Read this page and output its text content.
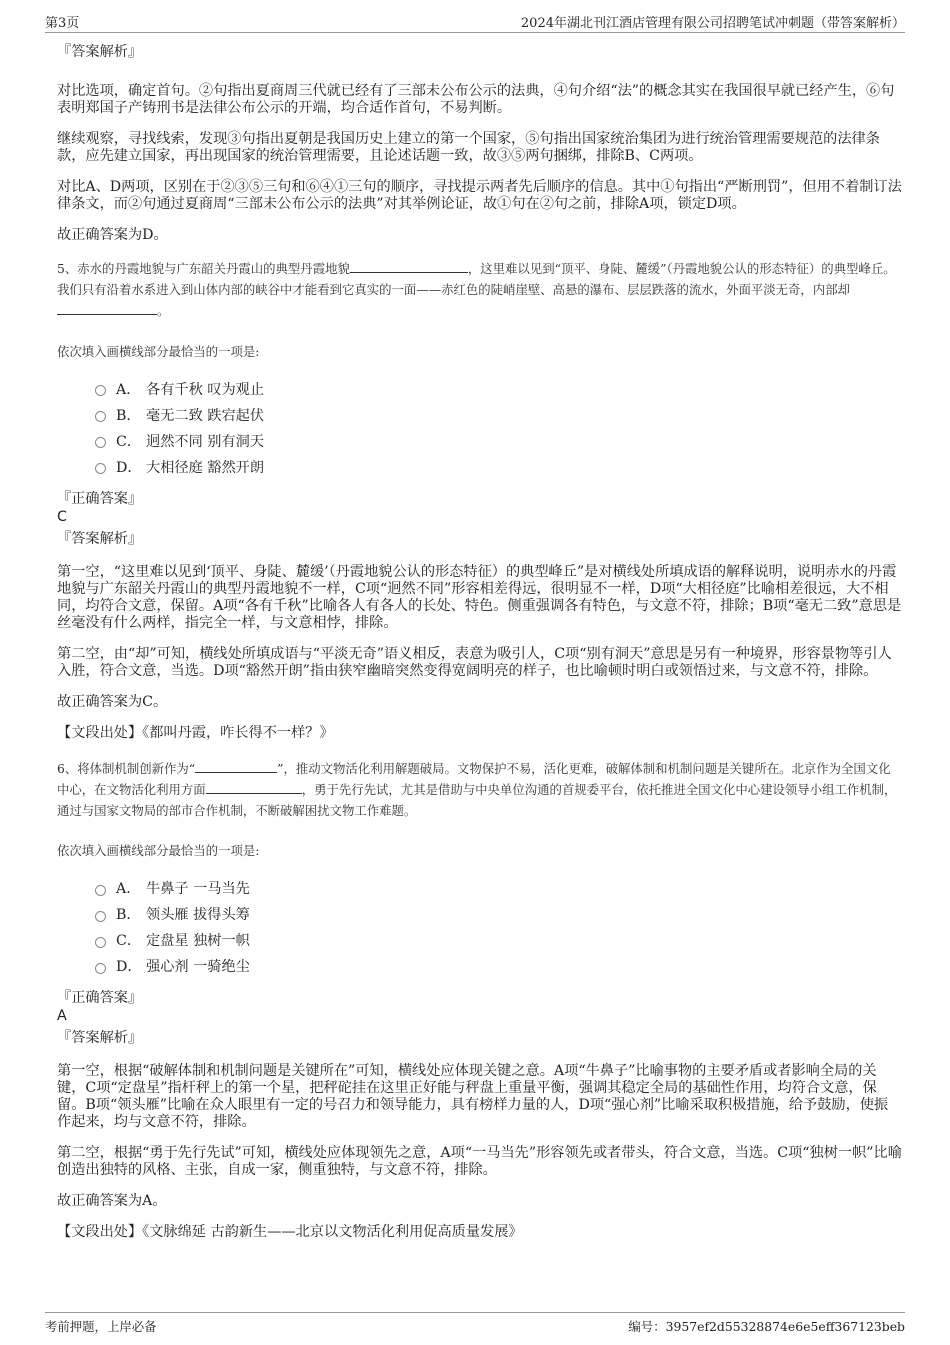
第3页	2024年湖北刊江酒店管理有限公司招聘笔试冲刺题（带答案解析）
『答案解析』

对比选项，确定首句。②句指出夏商周三代就已经有了三部未公布公示的法典，④句介绍“法”的概念其实在我国很早就已经产生，⑥句表明郑国子产铸刑书是法律公布公示的开端，均合适作首句，不易判断。

继续观察，寻找线索，发现③句指出夏朝是我国历史上建立的第一个国家，⑤句指出国家统治集团为进行统治管理需要规范的法律条款，应先建立国家，再出现国家的统治管理需要，且论述话题一致，故③⑤两句捆绑，排除B、C两项。

对比A、D两项，区别在于②③⑤三句和⑥④①三句的顺序，寻找提示两者先后顺序的信息。其中①句指出“严断刑罚”，但用不着制订法律条文，而②句通过夏商周“三部未公布公示的法典”对其举例论证，故①句在②句之前，排除A项，锁定D项。

故正确答案为D。

5、赤水的丹霞地貌与广东韶关丹霞山的典型丹霞地貌	，这里难以见到“顶平、身陡、麓缓”（丹霞地貌公认的形态特征）的典型峰丘。我们只有沿着水系进入到山体内部的峡谷中才能看到它真实的一面——赤红色的陡峭崖壁、高悬的瀑布、层层跌落的流水，外面平淡无奇，内部却。
依次填入画横线部分最恰当的一项是:
A． 各有千秋 叹为观止
B． 毫无二致 跌宕起伏
C． 迥然不同 别有洞天
D． 大相径庭 豁然开朗
『正确答案』
C
『答案解析』

第一空，“这里难以见到‘顶平、身陡、麓缓’（丹霞地貌公认的形态特征）的典型峰丘”是对横线处所填成语的解释说明，说明赤水的丹霞地貌与广东韶关丹霞山的典型丹霞地貌不一样，C项“迥然不同”形容相差得远，很明显不一样，D项“大相径庭”比喻相差很远，大不相同，均符合文意，保留。A项“各有千秋”比喻各人有各人的长处、特色。侧重强调各有特色，与文意不符，排除；B项“毫无二致”意思是丝毫没有什么两样，指完全一样，与文意相悖，排除。

第二空，由“却”可知，横线处所填成语与“平淡无奇”语义相反，表意为吸引人，C项“别有洞天”意思是另有一种境界，形容景物等引人入胜，符合文意，当选。D项“豁然开朗”指由狭窄幽暗突然变得宽阔明亮的样子，也比喻顿时明白或领悟过来，与文意不符，排除。

故正确答案为C。

【文段出处】《都叫丹霞，咋长得不一样？》
6、将体制机制创新作为“	”，推动文物活化利用解题破局。文物保护不易，活化更难，破解体制和机制问题是关键所在。北京作为全国文化中心，在文物活化利用方面	，勇于先行先试，尤其是借助与中央单位沟通的首规委平台，依托推进全国文化中心建设领导小组工作机制，通过与国家文物局的部市合作机制，不断破解困扰文物工作难题。
依次填入画横线部分最恰当的一项是:
A． 牛鼻子 一马当先
B． 领头雁 拔得头筹
C． 定盘星 独树一帜
D． 强心剂 一骑绝尘
『正确答案』
A
『答案解析』

第一空，根据“破解体制和机制问题是关键所在”可知，横线处应体现关键之意。A项“牛鼻子”比喻事物的主要矛盾或者影响全局的关键，C项“定盘星”指杆秤上的第一个星，把秤砣挂在这里正好能与秤盘上重量平衡，强调其稳定全局的基础性作用，均符合文意，保留。B项“领头雁”比喻在众人眼里有一定的号召力和领导能力，具有榜样力量的人，D项“强心剂”比喻采取积极措施，给予鼓励，使振作起来，均与文意不符，排除。

第二空，根据“勇于先行先试”可知，横线处应体现领先之意，A项“一马当先”形容领先或者带头，符合文意，当选。C项“独树一帜”比喻创造出独特的风格、主张，自成一家，侧重独特，与文意不符，排除。

故正确答案为A。

【文段出处】《文脉绵延 古韵新生——北京以文物活化利用促高质量发展》
考前押题，上岸必备	编号：3957ef2d55328874e6e5eff367123beb
